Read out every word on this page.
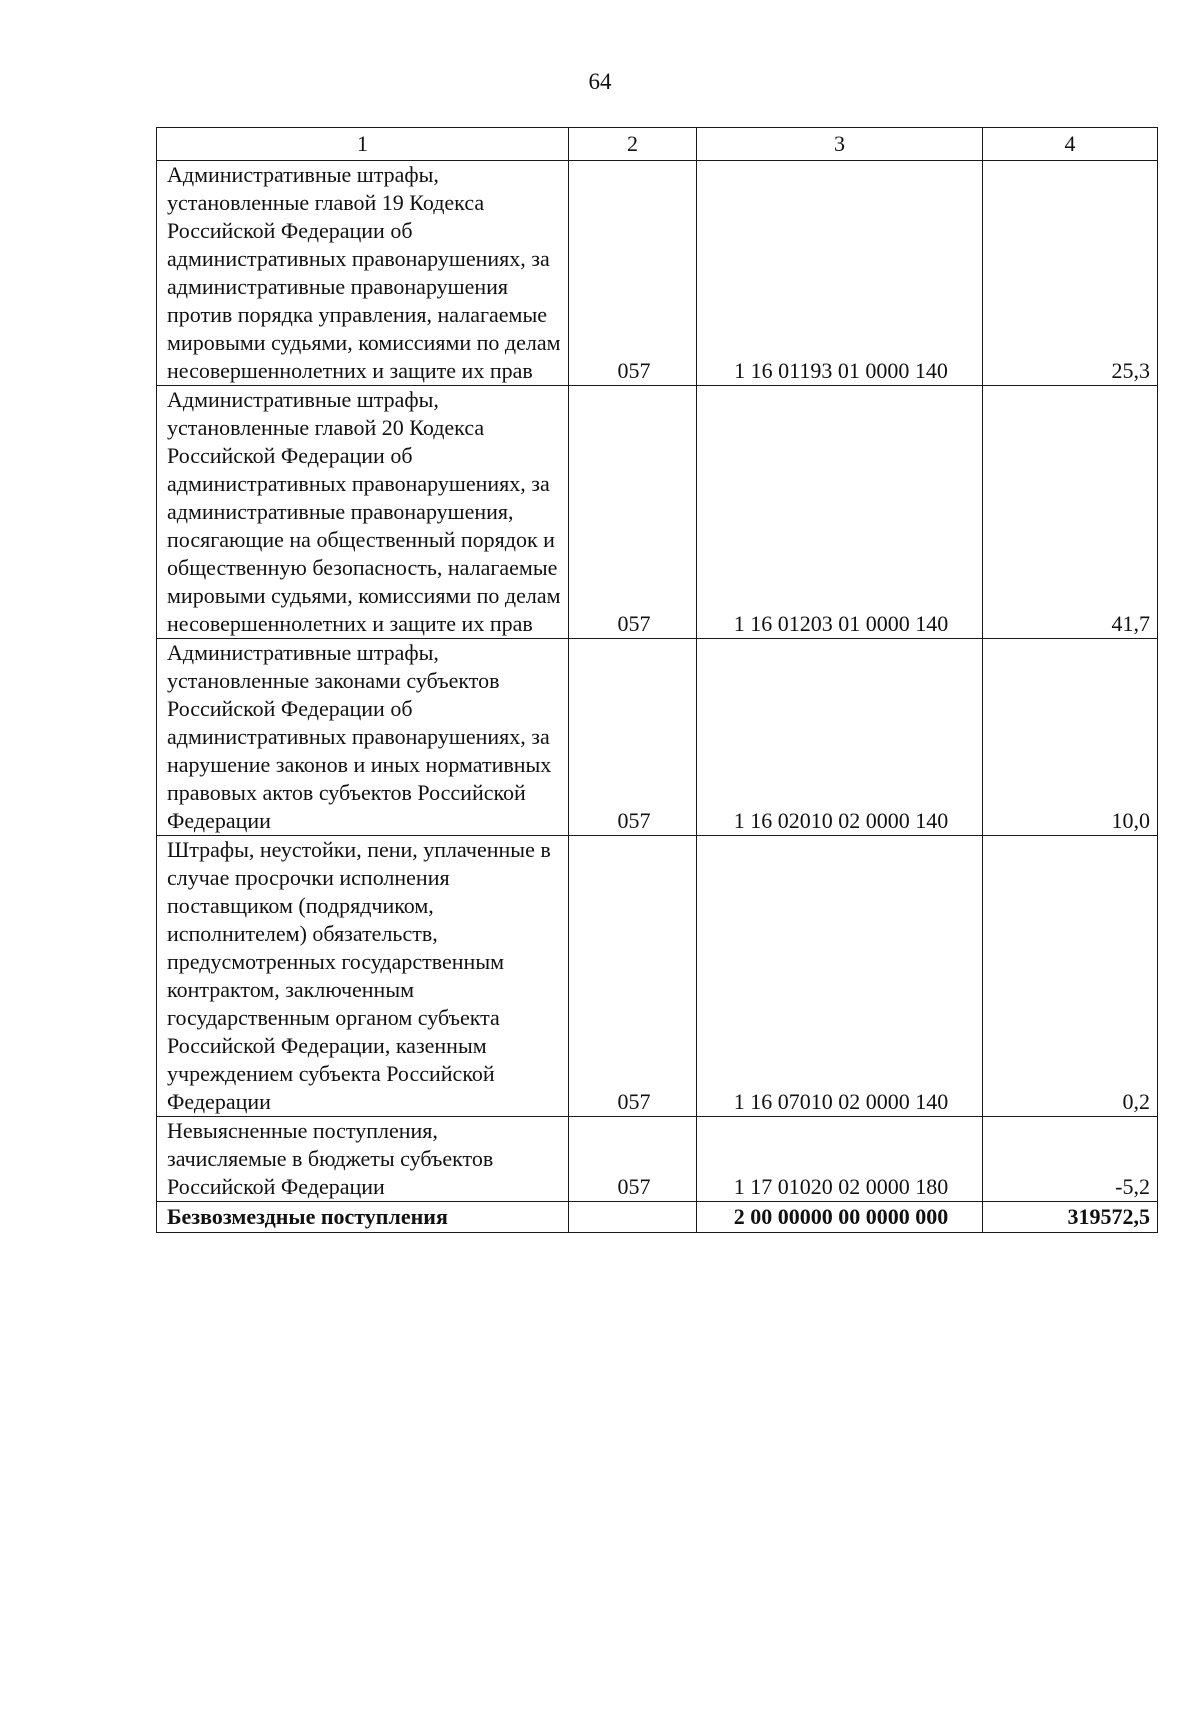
64
1	2	3	4
Административные штрафы, установленные главой 19 Кодекса Российской Федерации об административных правонарушениях, за административные правонарушения против порядка управления, налагаемые мировыми судьями, комиссиями по делам несовершеннолетних и защите их прав	057	1 16 01193 01 0000 140	25,3
Административные штрафы, установленные главой 20 Кодекса Российской Федерации об административных правонарушениях, за административные правонарушения, посягающие на общественный порядок и общественную безопасность, налагаемые мировыми судьями, комиссиями по делам несовершеннолетних и защите их прав	057	1 16 01203 01 0000 140	41,7
Административные штрафы, установленные законами субъектов Российской Федерации об административных правонарушениях, за нарушение законов и иных нормативных правовых актов субъектов Российской Федерации	057	1 16 02010 02 0000 140	10,0
Штрафы, неустойки, пени, уплаченные в случае просрочки исполнения поставщиком (подрядчиком, исполнителем) обязательств, предусмотренных государственным контрактом, заключенным государственным органом субъекта Российской Федерации, казенным учреждением субъекта Российской Федерации	057	1 16 07010 02 0000 140	0,2
Невыясненные поступления, зачисляемые в бюджеты субъектов Российской Федерации	057	1 17 01020 02 0000 180	-5,2
Безвозмездные поступления		2 00 00000 00 0000 000	319572,5
